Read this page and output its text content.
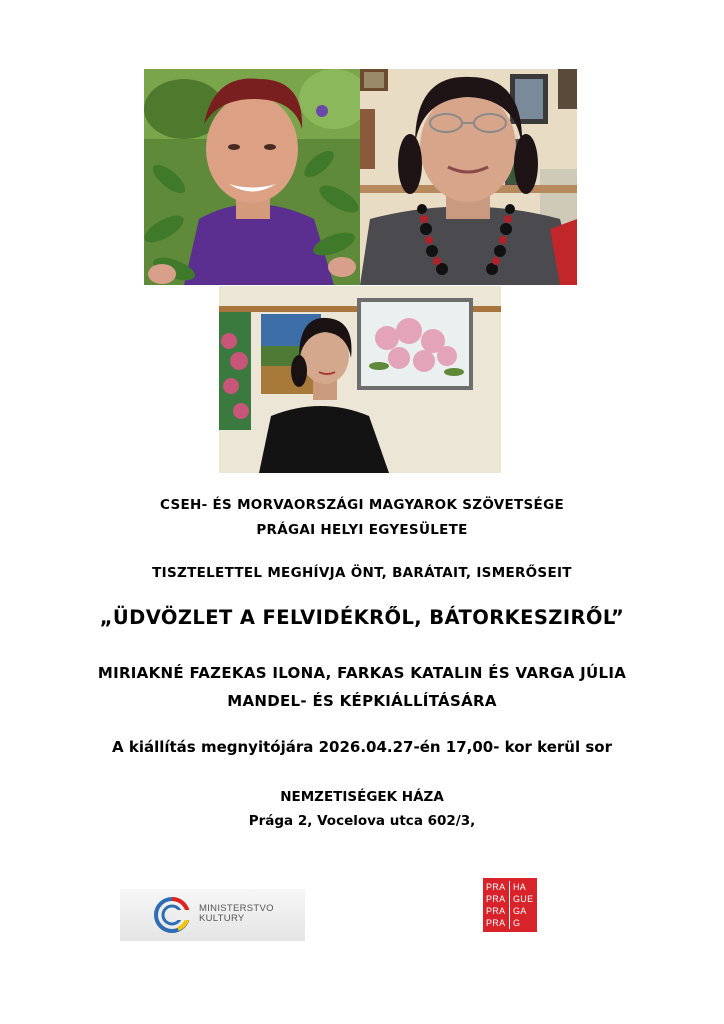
CSEH- ÉS MORVAORSZÁGI MAGYAROK SZÖVETSÉGE
PRÁGAI HELYI EGYESÜLETE
TISZTELETTEL MEGHÍVJA ÖNT, BARÁTAIT, ISMERŐSEIT
„ÜDVÖZLET A FELVIDÉKRŐL, BÁTORKESZIRŐL”
MIRIAKNÉ FAZEKAS ILONA, FARKAS KATALIN ÉS VARGA JÚLIA
MANDEL- ÉS KÉPKIÁLLÍTÁSÁRA
A kiállítás megnyitójára 2026.04.27-én 17,00- kor kerül sor
NEMZETISÉGEK HÁZA
Prága 2, Vocelova utca 602/3,
MINISTERSTVO
KULTURY
PRA HA
PRA GUE
PRA GA
PRA G
